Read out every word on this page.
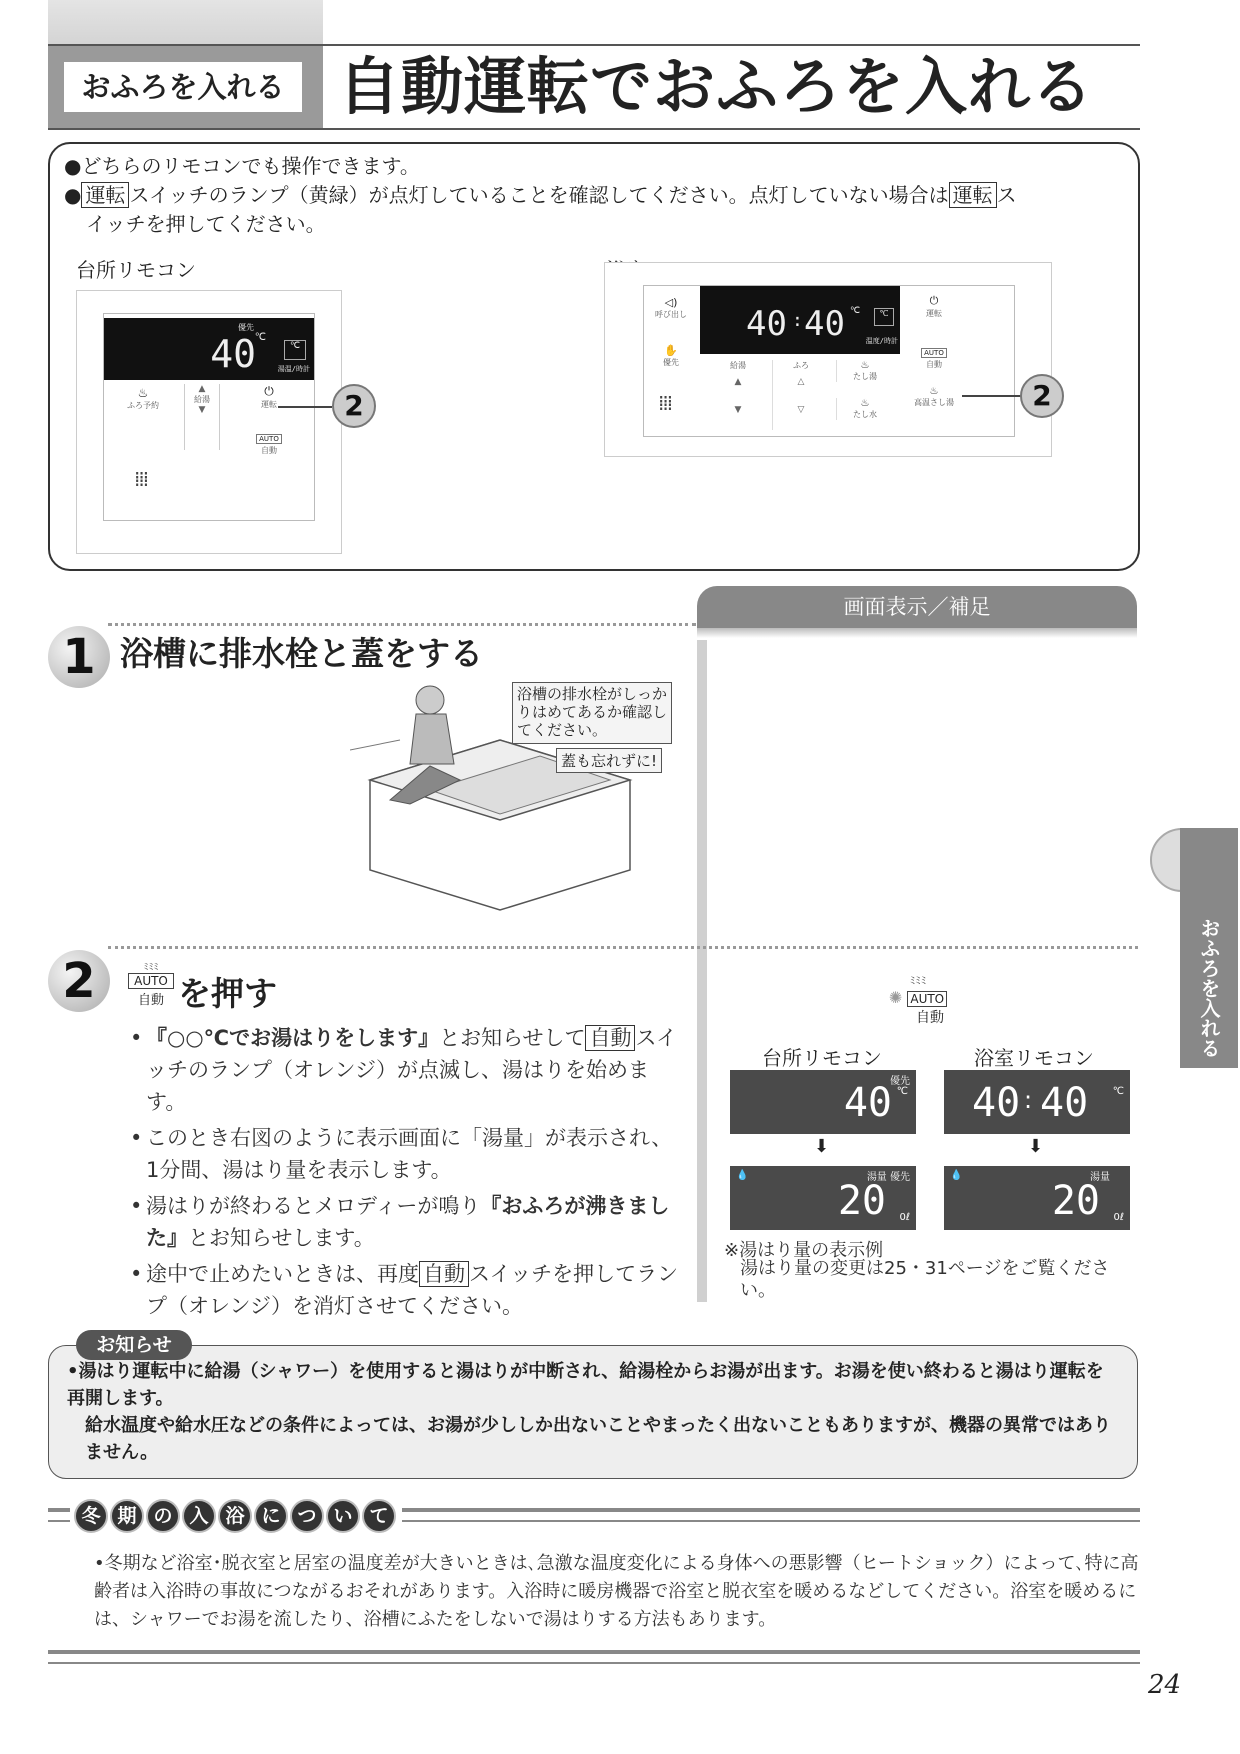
おふろを入れる 自動運転でおふろを入れる

●どちらのリモコンでも操作できます。

● 運転 スイッチのランプ（黄緑）が点灯していることを確認してください。点灯していない場合は 運転 ス

イッチを押してください。

台所リモコン
40
℃
優先
℃
湯温/時計
♨
ふろ予約
▲
給湯
▼
⏻
運転
AUTO
自動
⁞⁞⁞
2
◁)
呼び出し
✋
優先
⁞⁞⁞
40 : 40 ℃	℃
温度/時計
給湯
▲
▼
ふろ
△
▽
♨
たし湯
♨
たし水
⏻
運転
AUTO
自動
♨
高温さし湯	2
画面表示／補足
1 浴槽に排水栓と蓋をする
浴槽の排水栓がしっかりはめてあるか確認してください。
蓋も忘れずに!
2	ﾐﾐﾐ
AUTO
自動 を押す
• 『○○℃でお湯はりをします』とお知らせして 自動 スイッチのランプ（オレンジ）が点滅し、湯はりを始めます。
• このとき右図のように表示画面に「湯量」が表示され、1分間、湯はり量を表示します。
• 湯はりが終わるとメロディーが鳴り『おふろが沸きました』とお知らせします。
• 途中で止めたいときは、再度 自動 スイッチを押してランプ（オレンジ）を消灯させてください。
ﾐﾐﾐ
✺ AUTO
自動
台所リモコン	浴室リモコン
優先
40 ℃ 40 : 40 ℃
⬇	⬇
💧	湯量 優先
20 0ℓ
💧	湯量
20 0ℓ
※湯はり量の表示例
湯はり量の変更は25・31ページをご覧ください。
•湯はり運転中に給湯（シャワー）を使用すると湯はりが中断され、給湯栓からお湯が出ます。お湯を使い終わると湯はり運転を再開します。
給水温度や給水圧などの条件によっては、お湯が少ししか出ないことやまったく出ないこともありますが、機器の異常ではありません。
お知らせ
冬 期 の 入 浴 に つ い て
•冬期など浴室･脱衣室と居室の温度差が大きいときは､急激な温度変化による身体への悪影響（ヒートショック）によって､特に高齢者は入浴時の事故につながるおそれがあります。入浴時に暖房機器で浴室と脱衣室を暖めるなどしてください。浴室を暖めるには、シャワーでお湯を流したり、浴槽にふたをしないで湯はりする方法もあります。
おふろを入れる
24
